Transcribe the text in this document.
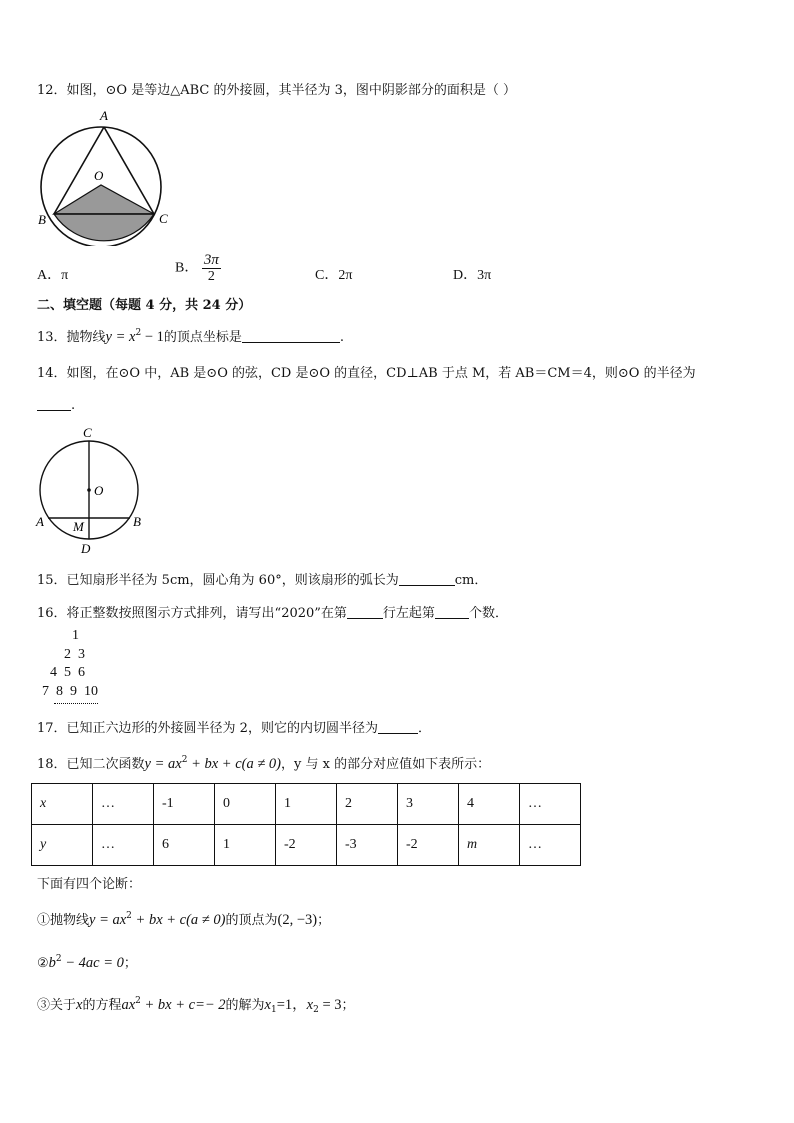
12．如图，⊙O 是等边△ABC 的外接圆，其半径为 3，图中阴影部分的面积是（ ）
A
O
B	C
A．π	B． $\frac{3\pi}{2}$	C．2π	D．3π
二、填空题（每题 4 分，共 24 分）
13．抛物线$y = x^2 - 1$的顶点坐标是	.
14．如图，在⊙O 中，AB 是⊙O 的弦，CD 是⊙O 的直径，CD⊥AB 于点 M，若 AB＝CM＝4，则⊙O 的半径为
.
C
O
A M	B
D
15．已知扇形半径为 5cm，圆心角为 60°，则该扇形的弧长为	cm．
16．将正整数按照图示方式排列，请写出“2020”在第	行左起第	个数．
1
2  3
4  5  6
7  8  9  10
17．已知正六边形的外接圆半径为 2，则它的内切圆半径为	．
18．已知二次函数$y = ax^2$ + bx + c(a ≠ 0)，y 与 x 的部分对应值如下表所示：
x	…	-1	0	1	2	3	4	…
y	…	6	1	-2	-3	-2	m	…
下面有四个论断：
①抛物线$y = ax^2$ + bx + c(a ≠ 0)的顶点为(2, −3)；
$②b^2 - 4ac = 0$；
③关于x的方程$ax^2$ + bx + c=− 2的解为$x_1=1$，$x_2 = 3$；
